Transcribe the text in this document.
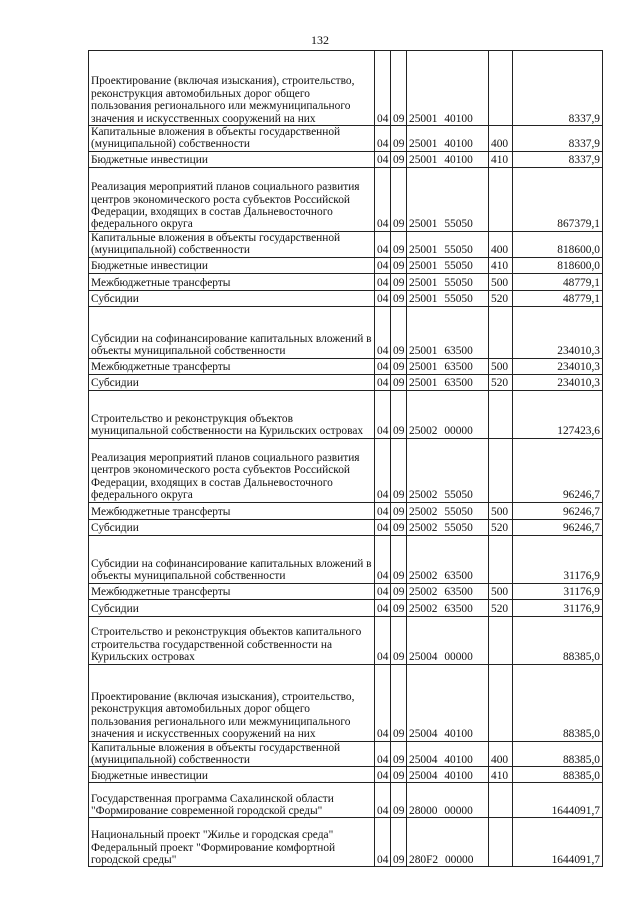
132
Проектирование (включая изыскания), строительство, реконструкция автомобильных дорог общего пользования регионального или межмуниципального значения и искусственных сооружений на них	04	09	25001 40100		8337,9
Капитальные вложения в объекты государственной (муниципальной) собственности	04	09	25001 40100	400	8337,9
Бюджетные инвестиции	04	09	25001 40100	410	8337,9
Реализация мероприятий планов социального развития центров экономического роста субъектов Российской Федерации, входящих в состав Дальневосточного федерального округа	04	09	25001 55050		867379,1
Капитальные вложения в объекты государственной (муниципальной) собственности	04	09	25001 55050	400	818600,0
Бюджетные инвестиции	04	09	25001 55050	410	818600,0
Межбюджетные трансферты	04	09	25001 55050	500	48779,1
Субсидии	04	09	25001 55050	520	48779,1
Субсидии на софинансирование капитальных вложений в объекты муниципальной собственности	04	09	25001 63500		234010,3
Межбюджетные трансферты	04	09	25001 63500	500	234010,3
Субсидии	04	09	25001 63500	520	234010,3
Строительство и реконструкция объектов муниципальной собственности на Курильских островах	04	09	25002 00000		127423,6
Реализация мероприятий планов социального развития центров экономического роста субъектов Российской Федерации, входящих в состав Дальневосточного федерального округа	04	09	25002 55050		96246,7
Межбюджетные трансферты	04	09	25002 55050	500	96246,7
Субсидии	04	09	25002 55050	520	96246,7
Субсидии на софинансирование капитальных вложений в объекты муниципальной собственности	04	09	25002 63500		31176,9
Межбюджетные трансферты	04	09	25002 63500	500	31176,9
Субсидии	04	09	25002 63500	520	31176,9
Строительство и реконструкция объектов капитального строительства государственной собственности на Курильских островах	04	09	25004 00000		88385,0
Проектирование (включая изыскания), строительство, реконструкция автомобильных дорог общего пользования регионального или межмуниципального значения и искусственных сооружений на них	04	09	25004 40100		88385,0
Капитальные вложения в объекты государственной (муниципальной) собственности	04	09	25004 40100	400	88385,0
Бюджетные инвестиции	04	09	25004 40100	410	88385,0
Государственная программа Сахалинской области "Формирование современной городской среды"	04	09	28000 00000		1644091,7
Национальный проект "Жилье и городская среда" Федеральный проект "Формирование комфортной городской среды"	04	09	280F2 00000		1644091,7
